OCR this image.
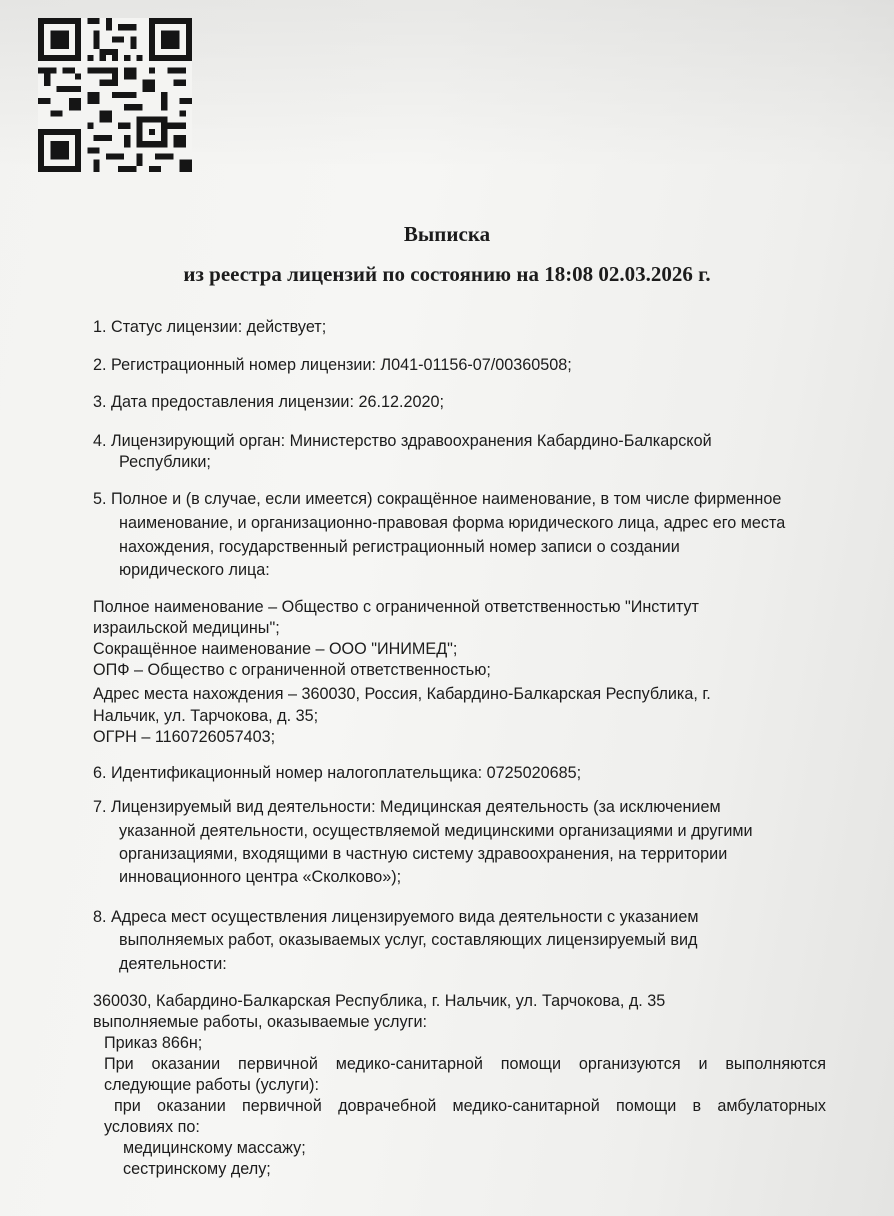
Выписка
из реестра лицензий по состоянию на 18:08 02.03.2026 г.
1. Статус лицензии: действует;
2. Регистрационный номер лицензии: Л041-01156-07/00360508;
3. Дата предоставления лицензии: 26.12.2020;
4. Лицензирующий орган: Министерство здравоохранения Кабардино-Балкарской
Республики;
5. Полное и (в случае, если имеется) сокращённое наименование, в том числе фирменное
наименование, и организационно-правовая форма юридического лица, адрес его места
нахождения, государственный регистрационный номер записи о создании
юридического лица:
Полное наименование – Общество с ограниченной ответственностью "Институт
израильской медицины";
Сокращённое наименование – ООО "ИНИМЕД";
ОПФ – Общество с ограниченной ответственностью;
Адрес места нахождения – 360030, Россия, Кабардино-Балкарская Республика, г.
Нальчик, ул. Тарчокова, д. 35;
ОГРН – 1160726057403;
6. Идентификационный номер налогоплательщика: 0725020685;
7. Лицензируемый вид деятельности: Медицинская деятельность (за исключением
указанной деятельности, осуществляемой медицинскими организациями и другими
организациями, входящими в частную систему здравоохранения, на территории
инновационного центра «Сколково»);
8. Адреса мест осуществления лицензируемого вида деятельности с указанием
выполняемых работ, оказываемых услуг, составляющих лицензируемый вид
деятельности:
360030, Кабардино-Балкарская Республика, г. Нальчик, ул. Тарчокова, д. 35
выполняемые работы, оказываемые услуги:
Приказ 866н;
При оказании первичной медико-санитарной помощи организуются и выполняются
следующие работы (услуги):
при оказании первичной доврачебной медико-санитарной помощи в амбулаторных
условиях по:
медицинскому массажу;
сестринскому делу;
